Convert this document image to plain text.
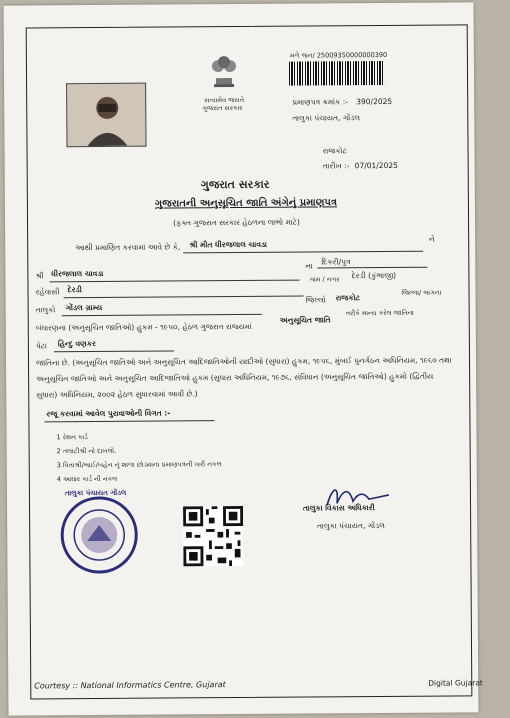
મળે જન/ 25009350000000390
સત્યમેવ જયતે
ગુજરાત સરકાર
પ્રમાણપત્ર ક્રમાંક :- 390/2025
તાલુકા પંચાયત, ગોંડલ
રાજકોટ
તારીખ :- 07/01/2025
ગુજરાત સરકાર
ગુજરાતની અનુસૂચિત જાતિ અંગેનું પ્રમાણપત્ર
(ફક્ત ગુજરાત સરકાર હેઠળના લાભો માટે)
આથી પ્રમાણિત કરવામાં આવે છે કે, શ્રી મીત ધીરજલાલ ચાવડા
ને
શ્રી ધીરજલાલ ચાવડા
ના દિકરી/પુત્ર
રહેવાસી દેરડી
ગામ / નગર દેરડી (કુંભાજી)
જિલ્લા/ ભાગના
તાલુકો ગોંડલ ગ્રામ્ય
જિલ્લો રાજકોટ
બંધારણના (અનુસૂચિત જાતિઓ) હુકમ - ૧૯૫૦, હેઠળ ગુજરાત રાજ્યમાં
અનુસૂચિત જાતિ
તરીકે માન્ય કરેલ જાતિના
પેટા હિન્દુ વણકર
જાતિના છે. (અનુસૂચિત જાતિઓ અને અનુસૂચિત આદિજાતિઓની યાદીઓ (સુધારા) હુકમ, ૧૯૫૬, મુંબઈ પુનર્ગઠન અધિનિયમ, ૧૯૬૦ તથા અનુસૂચિત જાતિઓ અને અનુસૂચિત આદિજાતિઓ હુકમ (સુધારા અધિનિયમ, ૧૯૭૬, સંવિધાન (અનુસૂચિત જાતિઓ) હુકમો (દ્વિતીય સુધારા) અધિનિયમ, ૨૦૦૨ હેઠળ સુધારવામાં આવી છે.)
રજૂ કરવામાં આવેલ પુરાવાઓની વિગત :-
1 રેશન કાર્ડ
2 તલાટીશ્રી નો દાખલો.
3 પિતાશ્રી/ભાઈ/બહેન નું શાળા છોડ્યાના પ્રમાણપત્રની ખરી નકલ
4 આધાર કાર્ડ ની નકલ
તાલુકા પંચાયત ગોંડલ
તાલુકા વિકાસ અધિકારી
તાલુકા પંચાયત, ગોંડલ
Courtesy :: National Informatics Centre, Gujarat	Digital Gujarat
